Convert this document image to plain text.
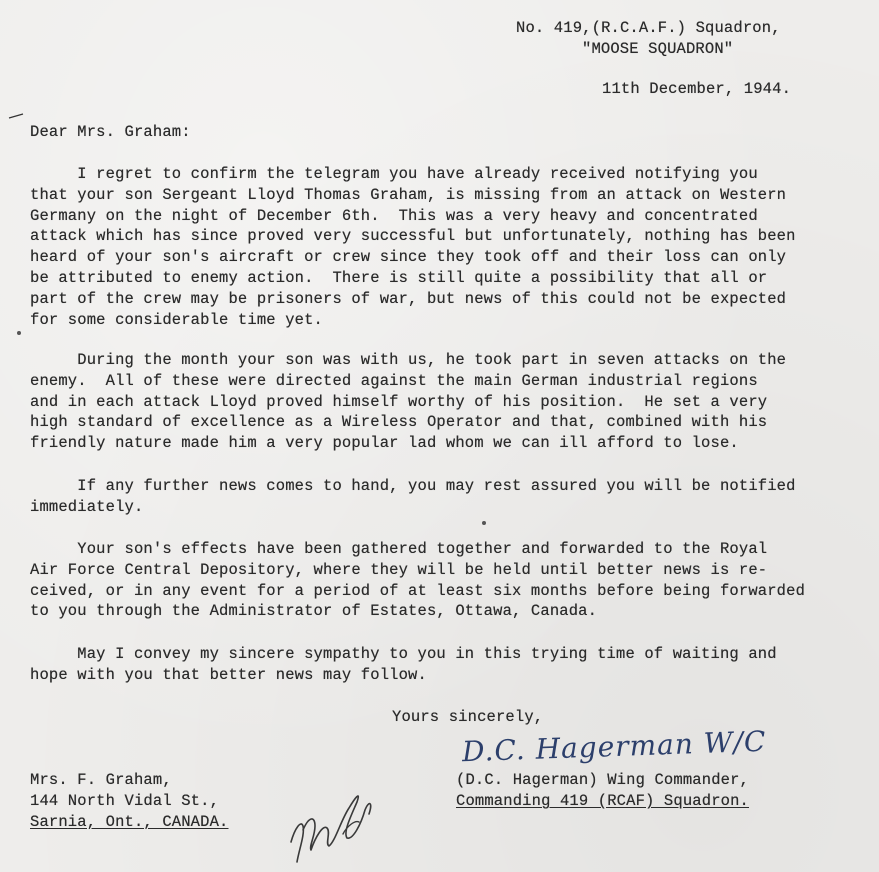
No. 419,(R.C.A.F.) Squadron,
"MOOSE SQUADRON"
11th December, 1944.
Dear Mrs. Graham:
I regret to confirm the telegram you have already received notifying you
that your son Sergeant Lloyd Thomas Graham, is missing from an attack on Western
Germany on the night of December 6th.  This was a very heavy and concentrated
attack which has since proved very successful but unfortunately, nothing has been
heard of your son's aircraft or crew since they took off and their loss can only
be attributed to enemy action.  There is still quite a possibility that all or
part of the crew may be prisoners of war, but news of this could not be expected
for some considerable time yet.
During the month your son was with us, he took part in seven attacks on the
enemy.  All of these were directed against the main German industrial regions
and in each attack Lloyd proved himself worthy of his position.  He set a very
high standard of excellence as a Wireless Operator and that, combined with his
friendly nature made him a very popular lad whom we can ill afford to lose.
If any further news comes to hand, you may rest assured you will be notified
immediately.
Your son's effects have been gathered together and forwarded to the Royal
Air Force Central Depository, where they will be held until better news is re-
ceived, or in any event for a period of at least six months before being forwarded
to you through the Administrator of Estates, Ottawa, Canada.
May I convey my sincere sympathy to you in this trying time of waiting and
hope with you that better news may follow.
Yours sincerely,
D.C. Hagerman W/C
(D.C. Hagerman) Wing Commander,
Commanding 419 (RCAF) Squadron.
Mrs. F. Graham,
144 North Vidal St.,
Sarnia, Ont., CANADA.
